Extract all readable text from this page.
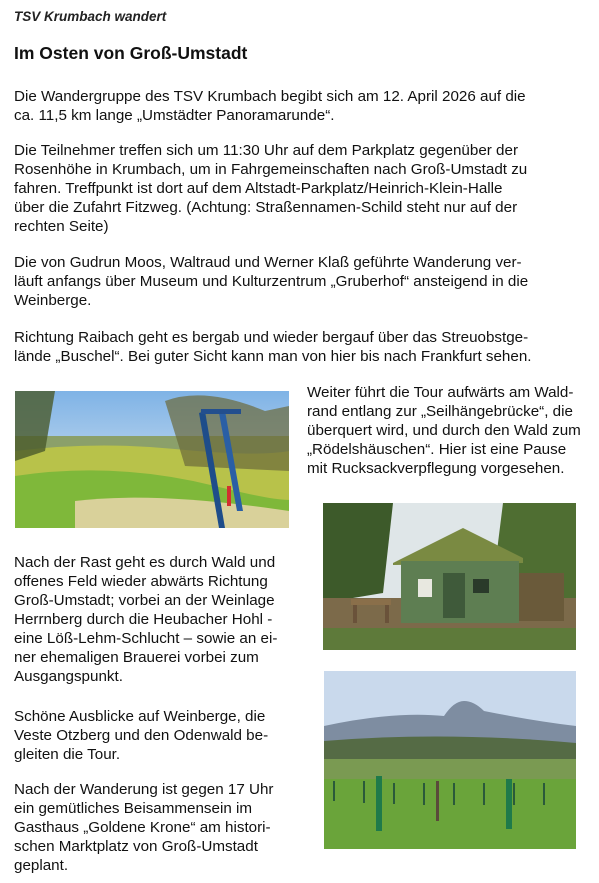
TSV Krumbach wandert
Im Osten von Groß-Umstadt

Die Wandergruppe des TSV Krumbach begibt sich am 12. April 2026 auf die
ca. 11,5 km lange „Umstädter Panoramarunde“.

Die Teilnehmer treffen sich um 11:30 Uhr auf dem Parkplatz gegenüber der
Rosenhöhe in Krumbach, um in Fahrgemeinschaften nach Groß-Umstadt zu
fahren. Treffpunkt ist dort auf dem Altstadt-Parkplatz/Heinrich-Klein-Halle
über die Zufahrt Fitzweg. (Achtung: Straßennamen-Schild steht nur auf der
rechten Seite)

Die von Gudrun Moos, Waltraud und Werner Klaß geführte Wanderung ver-
läuft anfangs über Museum und Kulturzentrum „Gruberhof“ ansteigend in die
Weinberge.

Richtung Raibach geht es bergab und wieder bergauf über das Streuobstge-
lände „Buschel“. Bei guter Sicht kann man von hier bis nach Frankfurt sehen.

Weiter führt die Tour aufwärts am Wald-
rand entlang zur „Seilhängebrücke“, die
überquert wird, und durch den Wald zum
„Rödelshäuschen“. Hier ist eine Pause
mit Rucksackverpflegung vorgesehen.

Nach der Rast geht es durch Wald und
offenes Feld wieder abwärts Richtung
Groß-Umstadt; vorbei an der Weinlage
Herrnberg durch die Heubacher Hohl -
eine Löß-Lehm-Schlucht – sowie an ei-
ner ehemaligen Brauerei vorbei zum
Ausgangspunkt.

Schöne Ausblicke auf Weinberge, die
Veste Otzberg und den Odenwald be-
gleiten die Tour.

Nach der Wanderung ist gegen 17 Uhr
ein gemütliches Beisammensein im
Gasthaus „Goldene Krone“ am histori-
schen Marktplatz von Groß-Umstadt
geplant.
